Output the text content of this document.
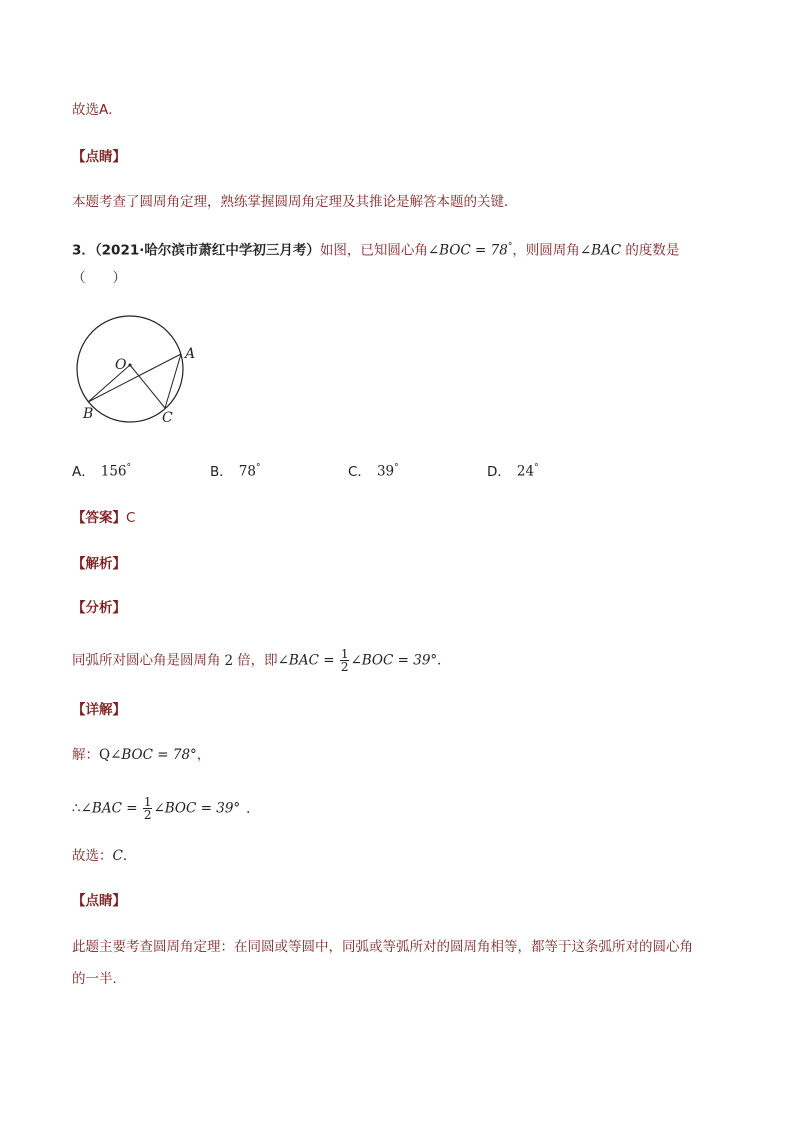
故选A．
【点睛】
本题考查了圆周角定理，熟练掌握圆周角定理及其推论是解答本题的关键．
3．（2021·哈尔滨市萧红中学初三月考）如图，已知圆心角∠BOC = 78°，则圆周角∠BAC 的度数是
（　　）
O
A
B	C
A． 156°	B． 78°	C． 39°	D． 24°
【答案】C
【解析】
【分析】
同弧所对圆心角是圆周角 2 倍，即∠BAC = $\frac{1}{2}$ ∠BOC = 39°．
【详解】
解：Q∠BOC = 78°，
∴∠BAC = $\frac{1}{2}$ ∠BOC = 39° ．
故选：C．
【点睛】
此题主要考查圆周角定理：在同圆或等圆中，同弧或等弧所对的圆周角相等，都等于这条弧所对的圆心角
的一半．
